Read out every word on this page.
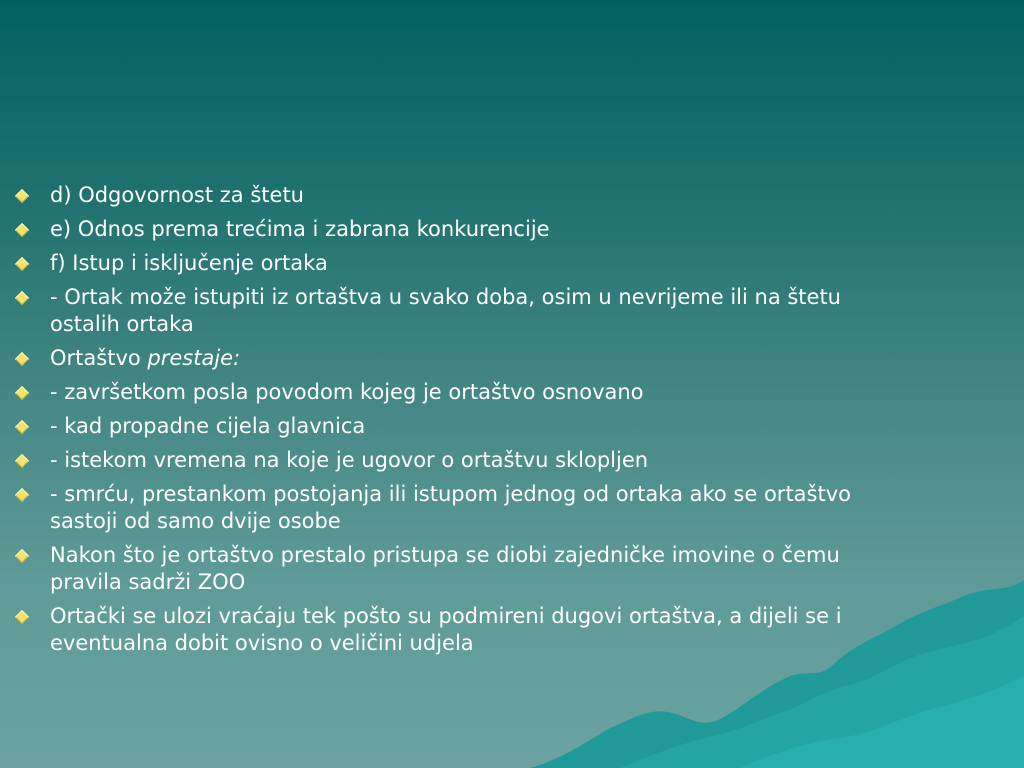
d) Odgovornost za štetu
e) Odnos prema trećima i zabrana konkurencije
f) Istup i isključenje ortaka
- Ortak može istupiti iz ortaštva u svako doba, osim u nevrijeme ili na štetu ostalih ortaka
Ortaštvo prestaje:
- završetkom posla povodom kojeg je ortaštvo osnovano
- kad propadne cijela glavnica
- istekom vremena na koje je ugovor o ortaštvu sklopljen
- smrću, prestankom postojanja ili istupom jednog od ortaka ako se ortaštvo sastoji od samo dvije osobe
Nakon što je ortaštvo prestalo pristupa se diobi zajedničke imovine o čemu pravila sadrži ZOO
Ortački se ulozi vraćaju tek pošto su podmireni dugovi ortaštva, a dijeli se i eventualna dobit ovisno o veličini udjela
